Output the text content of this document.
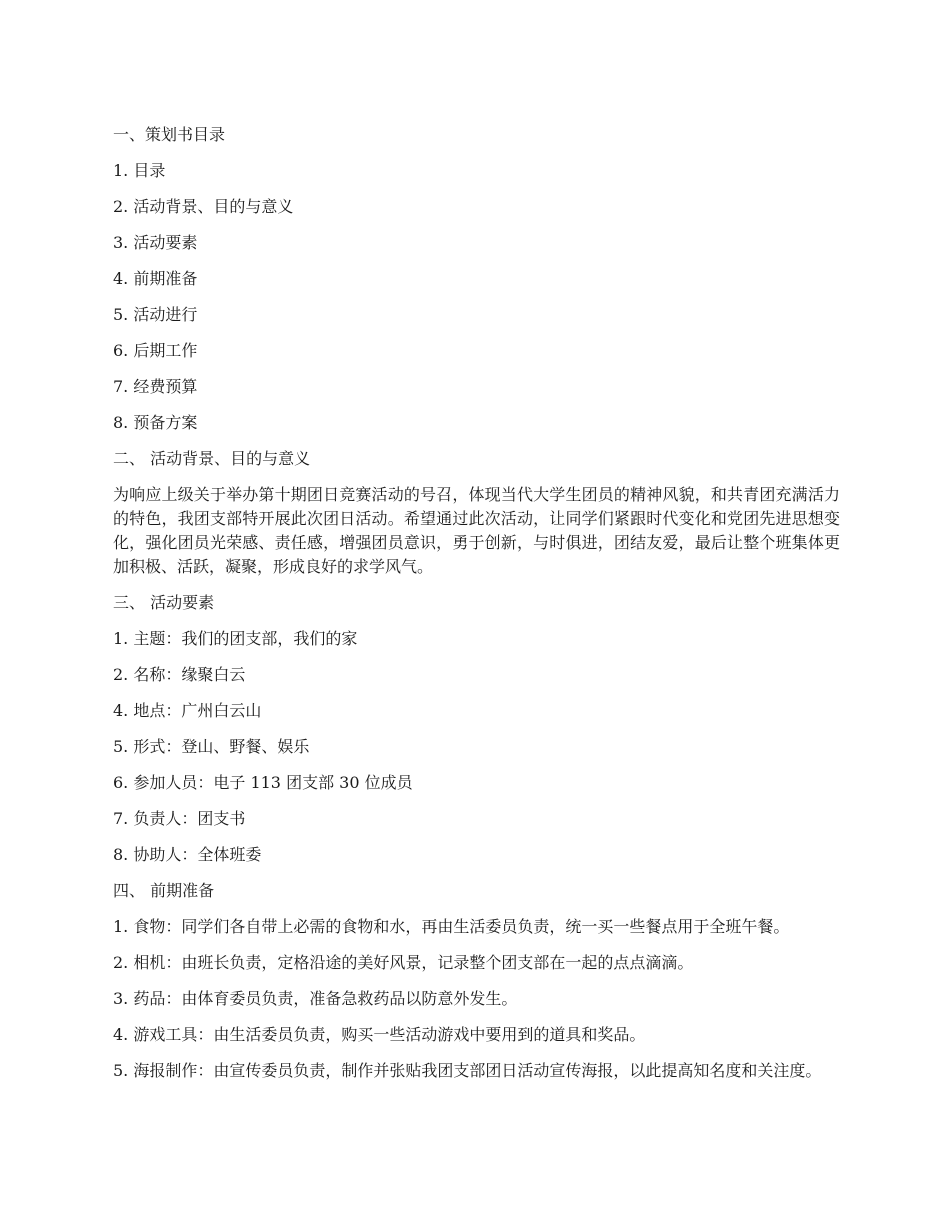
一、策划书目录
1. 目录
2. 活动背景、目的与意义
3. 活动要素
4. 前期准备
5. 活动进行
6. 后期工作
7. 经费预算
8. 预备方案
二、 活动背景、目的与意义
为响应上级关于举办第十期团日竞赛活动的号召，体现当代大学生团员的精神风貌，和共青团充满活力的特色，我团支部特开展此次团日活动。希望通过此次活动，让同学们紧跟时代变化和党团先进思想变化，强化团员光荣感、责任感，增强团员意识，勇于创新，与时俱进，团结友爱，最后让整个班集体更加积极、活跃，凝聚，形成良好的求学风气。
三、 活动要素
1. 主题：我们的团支部，我们的家
2. 名称：缘聚白云
4. 地点：广州白云山
5. 形式：登山、野餐、娱乐
6. 参加人员：电子 113 团支部 30 位成员
7. 负责人：团支书
8. 协助人：全体班委
四、 前期准备
1. 食物：同学们各自带上必需的食物和水，再由生活委员负责，统一买一些餐点用于全班午餐。
2. 相机：由班长负责，定格沿途的美好风景，记录整个团支部在一起的点点滴滴。
3. 药品：由体育委员负责，准备急救药品以防意外发生。
4. 游戏工具：由生活委员负责，购买一些活动游戏中要用到的道具和奖品。
5. 海报制作：由宣传委员负责，制作并张贴我团支部团日活动宣传海报，以此提高知名度和关注度。
